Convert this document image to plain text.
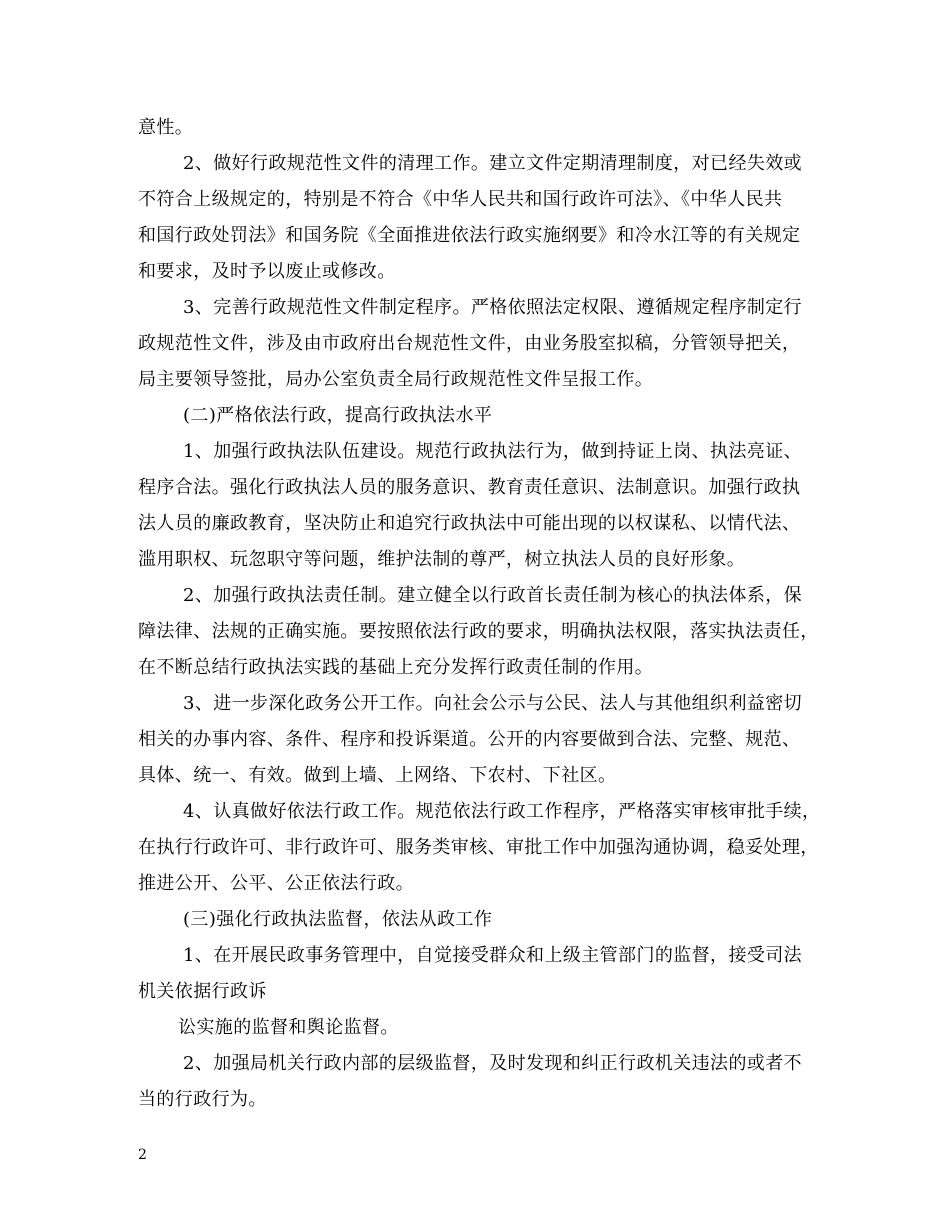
意性。
2、做好行政规范性文件的清理工作。建立文件定期清理制度，对已经失效或
不符合上级规定的，特别是不符合《中华人民共和国行政许可法》、《中华人民共
和国行政处罚法》和国务院《全面推进依法行政实施纲要》和冷水江等的有关规定
和要求，及时予以废止或修改。
3、完善行政规范性文件制定程序。严格依照法定权限、遵循规定程序制定行
政规范性文件，涉及由市政府出台规范性文件，由业务股室拟稿，分管领导把关，
局主要领导签批，局办公室负责全局行政规范性文件呈报工作。
(二)严格依法行政，提高行政执法水平
1、加强行政执法队伍建设。规范行政执法行为，做到持证上岗、执法亮证、
程序合法。强化行政执法人员的服务意识、教育责任意识、法制意识。加强行政执
法人员的廉政教育，坚决防止和追究行政执法中可能出现的以权谋私、以情代法、
滥用职权、玩忽职守等问题，维护法制的尊严，树立执法人员的良好形象。
2、加强行政执法责任制。建立健全以行政首长责任制为核心的执法体系，保
障法律、法规的正确实施。要按照依法行政的要求，明确执法权限，落实执法责任，
在不断总结行政执法实践的基础上充分发挥行政责任制的作用。
3、进一步深化政务公开工作。向社会公示与公民、法人与其他组织利益密切
相关的办事内容、条件、程序和投诉渠道。公开的内容要做到合法、完整、规范、
具体、统一、有效。做到上墙、上网络、下农村、下社区。
4、认真做好依法行政工作。规范依法行政工作程序，严格落实审核审批手续，
在执行行政许可、非行政许可、服务类审核、审批工作中加强沟通协调，稳妥处理，
推进公开、公平、公正依法行政。
(三)强化行政执法监督，依法从政工作
1、在开展民政事务管理中，自觉接受群众和上级主管部门的监督，接受司法
机关依据行政诉
讼实施的监督和舆论监督。
2、加强局机关行政内部的层级监督，及时发现和纠正行政机关违法的或者不
当的行政行为。
2
